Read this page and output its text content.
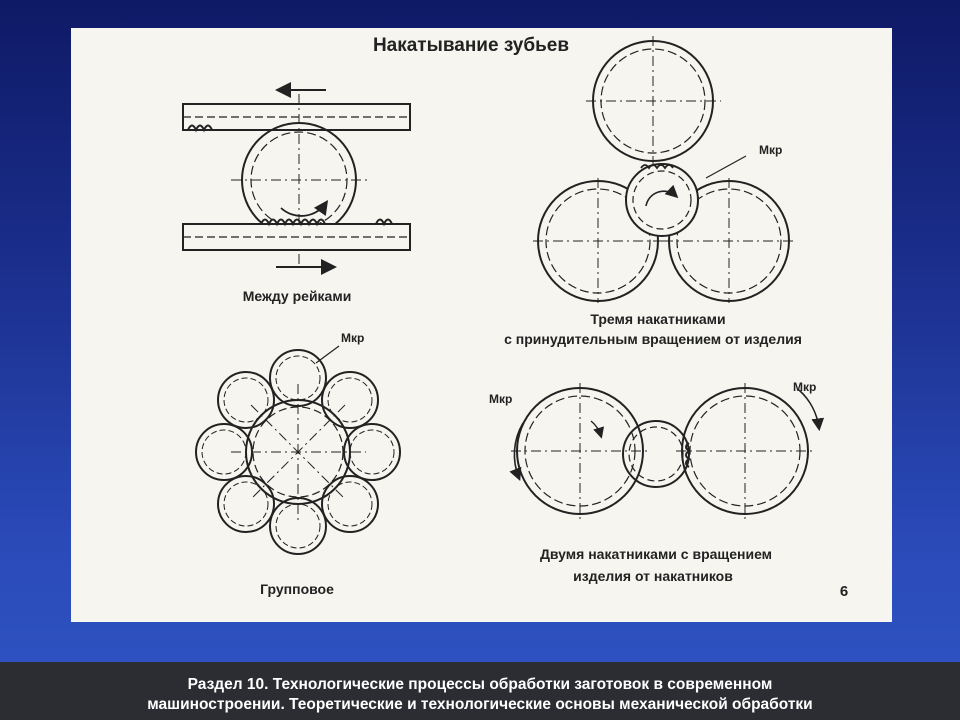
Накатывание зубьев
Между рейками
Мкр
Тремя накатниками
с принудительным вращением от изделия
Мкр
Групповое
Мкр
Мкр
Двумя накатниками с вращением
изделия от накатников
6
Раздел 10. Технологические процессы обработки заготовок в современном
машиностроении. Теоретические и технологические основы механической обработки
